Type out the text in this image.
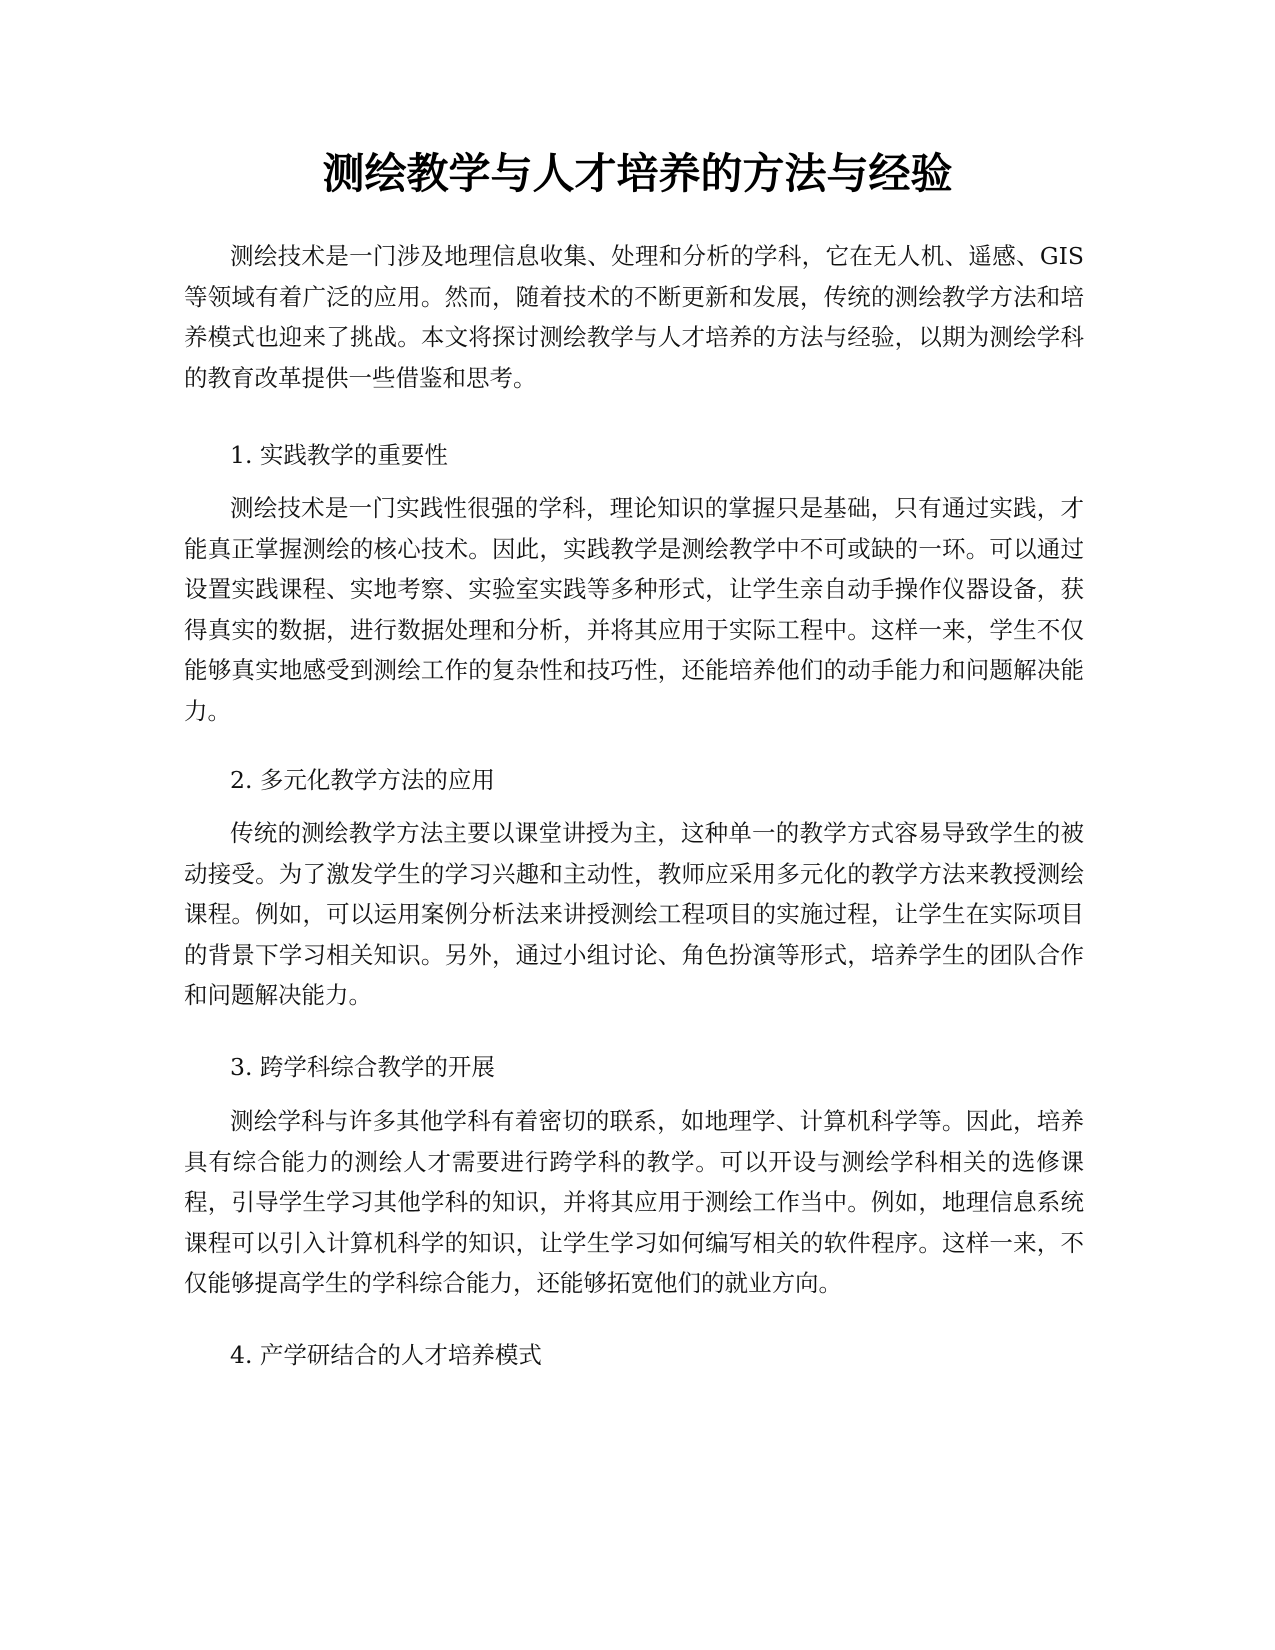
测绘教学与人才培养的方法与经验

测绘技术是一门涉及地理信息收集、处理和分析的学科，它在无人机、遥感、GIS等领域有着广泛的应用。然而，随着技术的不断更新和发展，传统的测绘教学方法和培养模式也迎来了挑战。本文将探讨测绘教学与人才培养的方法与经验，以期为测绘学科的教育改革提供一些借鉴和思考。

1. 实践教学的重要性

测绘技术是一门实践性很强的学科，理论知识的掌握只是基础，只有通过实践，才能真正掌握测绘的核心技术。因此，实践教学是测绘教学中不可或缺的一环。可以通过设置实践课程、实地考察、实验室实践等多种形式，让学生亲自动手操作仪器设备，获得真实的数据，进行数据处理和分析，并将其应用于实际工程中。这样一来，学生不仅能够真实地感受到测绘工作的复杂性和技巧性，还能培养他们的动手能力和问题解决能力。

2. 多元化教学方法的应用

传统的测绘教学方法主要以课堂讲授为主，这种单一的教学方式容易导致学生的被动接受。为了激发学生的学习兴趣和主动性，教师应采用多元化的教学方法来教授测绘课程。例如，可以运用案例分析法来讲授测绘工程项目的实施过程，让学生在实际项目的背景下学习相关知识。另外，通过小组讨论、角色扮演等形式，培养学生的团队合作和问题解决能力。

3. 跨学科综合教学的开展

测绘学科与许多其他学科有着密切的联系，如地理学、计算机科学等。因此，培养具有综合能力的测绘人才需要进行跨学科的教学。可以开设与测绘学科相关的选修课程，引导学生学习其他学科的知识，并将其应用于测绘工作当中。例如，地理信息系统课程可以引入计算机科学的知识，让学生学习如何编写相关的软件程序。这样一来，不仅能够提高学生的学科综合能力，还能够拓宽他们的就业方向。

4. 产学研结合的人才培养模式
